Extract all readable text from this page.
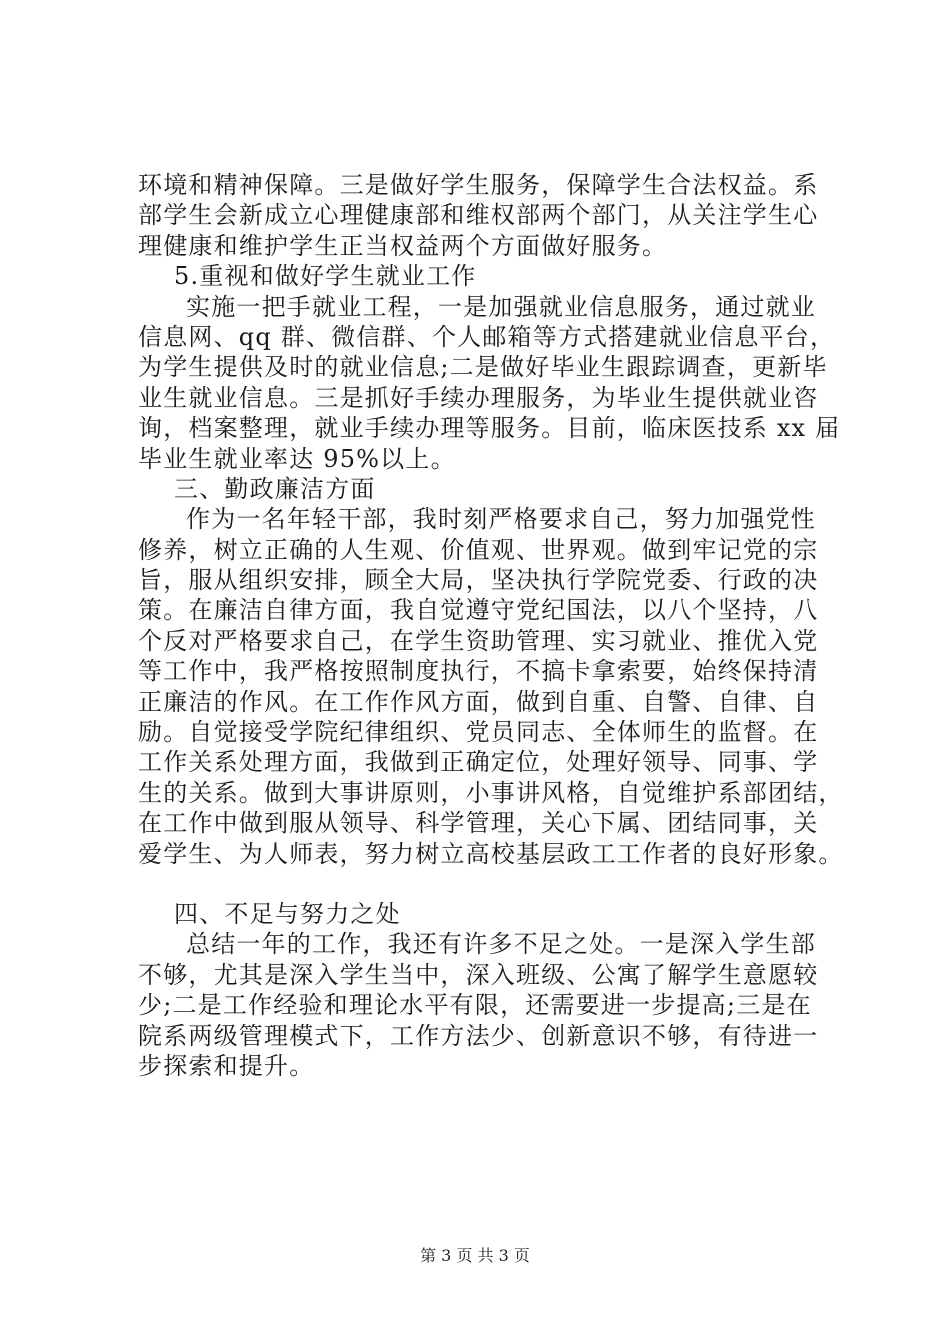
环境和精神保障。三是做好学生服务，保障学生合法权益。系
部学生会新成立心理健康部和维权部两个部门，从关注学生心
理健康和维护学生正当权益两个方面做好服务。
5.重视和做好学生就业工作
实施一把手就业工程，一是加强就业信息服务，通过就业
信息网、qq 群、微信群、个人邮箱等方式搭建就业信息平台，
为学生提供及时的就业信息;二是做好毕业生跟踪调查，更新毕
业生就业信息。三是抓好手续办理服务，为毕业生提供就业咨
询，档案整理，就业手续办理等服务。目前，临床医技系 xx 届
毕业生就业率达 95%以上。
三、勤政廉洁方面
作为一名年轻干部，我时刻严格要求自己，努力加强党性
修养，树立正确的人生观、价值观、世界观。做到牢记党的宗
旨，服从组织安排，顾全大局，坚决执行学院党委、行政的决
策。在廉洁自律方面，我自觉遵守党纪国法，以八个坚持，八
个反对严格要求自己，在学生资助管理、实习就业、推优入党
等工作中，我严格按照制度执行，不搞卡拿索要，始终保持清
正廉洁的作风。在工作作风方面，做到自重、自警、自律、自
励。自觉接受学院纪律组织、党员同志、全体师生的监督。在
工作关系处理方面，我做到正确定位，处理好领导、同事、学
生的关系。做到大事讲原则，小事讲风格，自觉维护系部团结，
在工作中做到服从领导、科学管理，关心下属、团结同事，关
爱学生、为人师表，努力树立高校基层政工工作者的良好形象。
四、不足与努力之处
总结一年的工作，我还有许多不足之处。一是深入学生部
不够，尤其是深入学生当中，深入班级、公寓了解学生意愿较
少;二是工作经验和理论水平有限，还需要进一步提高;三是在
院系两级管理模式下，工作方法少、创新意识不够，有待进一
步探索和提升。
第 3 页 共 3 页
